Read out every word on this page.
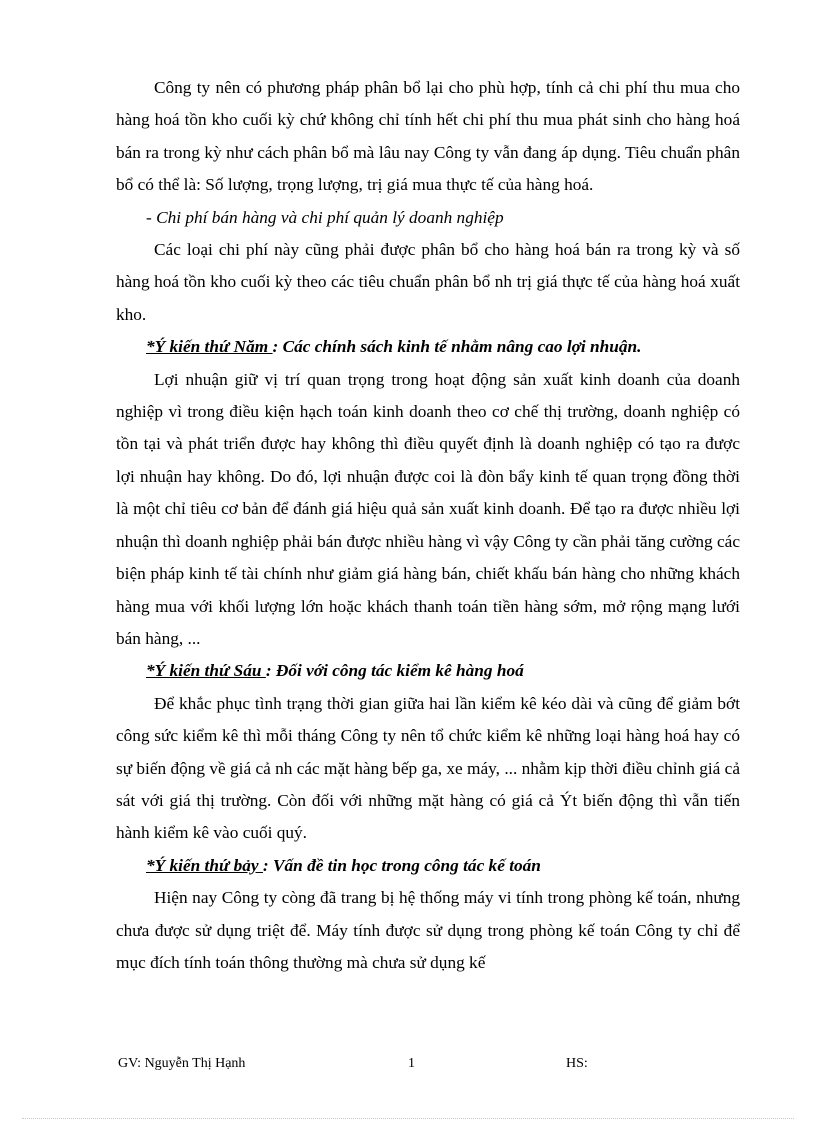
Công ty nên có phương pháp phân bổ lại cho phù hợp, tính cả chi phí thu mua cho hàng hoá tồn kho cuối kỳ chứ không chỉ tính hết chi phí thu mua phát sinh cho hàng hoá bán ra trong kỳ như cách phân bổ mà lâu nay Công ty vẫn đang áp dụng. Tiêu chuẩn phân bổ có thể là: Số lượng, trọng lượng, trị giá mua thực tế của hàng hoá.

- Chi phí bán hàng và chi phí quản lý doanh nghiệp

Các loại chi phí này cũng phải được phân bổ cho hàng hoá bán ra trong kỳ và số hàng hoá tồn kho cuối kỳ theo các tiêu chuẩn phân bổ nh trị giá thực tế của hàng hoá xuất kho.

*Ý kiến thứ Năm : Các chính sách kinh tế nhằm nâng cao lợi nhuận.

Lợi nhuận giữ vị trí quan trọng trong hoạt động sản xuất kinh doanh của doanh nghiệp vì trong điều kiện hạch toán kinh doanh theo cơ chế thị trường, doanh nghiệp có tồn tại và phát triển được hay không thì điều quyết định là doanh nghiệp có tạo ra được lợi nhuận hay không. Do đó, lợi nhuận được coi là đòn bẩy kinh tế quan trọng đồng thời là một chỉ tiêu cơ bản để đánh giá hiệu quả sản xuất kinh doanh. Để tạo ra được nhiều lợi nhuận thì doanh nghiệp phải bán được nhiều hàng vì vậy Công ty cần phải tăng cường các biện pháp kinh tế tài chính như giảm giá hàng bán, chiết khấu bán hàng cho những khách hàng mua với khối lượng lớn hoặc khách thanh toán tiền hàng sớm, mở rộng mạng lưới bán hàng, ...

*Ý kiến thứ Sáu : Đối với công tác kiểm kê hàng hoá

Để khắc phục tình trạng thời gian giữa hai lần kiểm kê kéo dài và cũng để giảm bớt công sức kiểm kê thì mỗi tháng Công ty nên tổ chức kiểm kê những loại hàng hoá hay có sự biến động về giá cả nh các mặt hàng bếp ga, xe máy, ... nhằm kịp thời điều chỉnh giá cả sát với giá thị trường. Còn đối với những mặt hàng có giá cả Ýt biến động thì vẫn tiến hành kiểm kê vào cuối quý.

*Ý kiến thứ bảy : Vấn đề tin học trong công tác kế toán

Hiện nay Công ty còng đã trang bị hệ thống máy vi tính trong phòng kế toán, nhưng chưa được sử dụng triệt để. Máy tính được sử dụng trong phòng kế toán Công ty chỉ để mục đích tính toán thông thường mà chưa sử dụng kế

GV: Nguyễn Thị Hạnh	1	HS:
